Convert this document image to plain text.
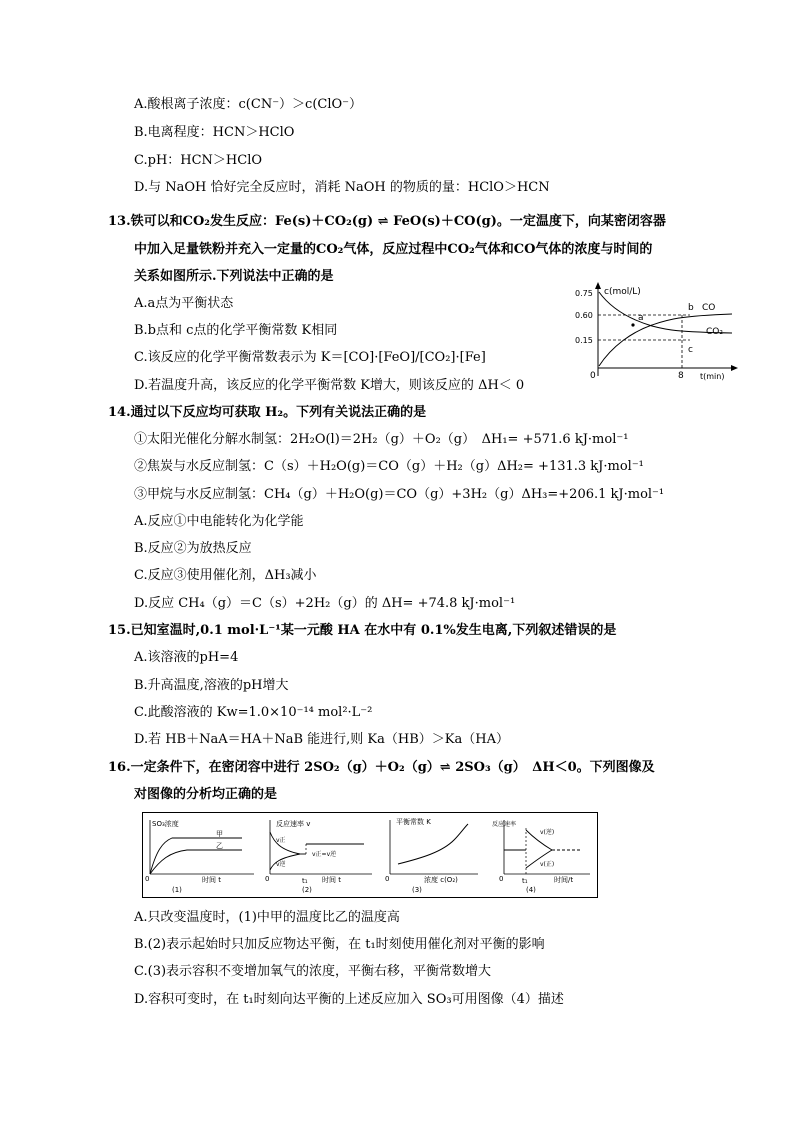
A.酸根离子浓度：c(CN⁻）＞c(ClO⁻）
B.电离程度：HCN＞HClO
C.pH：HCN＞HClO
D.与 NaOH 恰好完全反应时，消耗 NaOH 的物质的量：HClO＞HCN
13.铁可以和CO₂发生反应：Fe(s)＋CO₂(g) ⇌ FeO(s)＋CO(g)。一定温度下，向某密闭容器
中加入足量铁粉并充入一定量的CO₂气体，反应过程中CO₂气体和CO气体的浓度与时间的
关系如图所示.下列说法中正确的是
A.a点为平衡状态
B.b点和 c点的化学平衡常数 K相同
C.该反应的化学平衡常数表示为 K＝[CO]·[FeO]/[CO₂]·[Fe]
D.若温度升高，该反应的化学平衡常数 K增大，则该反应的 ΔH＜ 0
c(mol/L)
0.75
0.60
0.15
0	8 t(min)
a
b
c
CO
CO₂
14.通过以下反应均可获取 H₂。下列有关说法正确的是
①太阳光催化分解水制氢：2H₂O(l)＝2H₂（g）＋O₂（g）　ΔH₁= +571.6 kJ·mol⁻¹
②焦炭与水反应制氢：C（s）＋H₂O(g)＝CO（g）＋H₂（g）ΔH₂= +131.3 kJ·mol⁻¹
③甲烷与水反应制氢：CH₄（g）＋H₂O(g)＝CO（g）+3H₂（g）ΔH₃=+206.1 kJ·mol⁻¹
A.反应①中电能转化为化学能
B.反应②为放热反应
C.反应③使用催化剂，ΔH₃减小
D.反应 CH₄（g）＝C（s）+2H₂（g）的 ΔH= +74.8 kJ·mol⁻¹
15.已知室温时,0.1 mol·L⁻¹某一元酸 HA 在水中有 0.1%发生电离,下列叙述错误的是
A.该溶液的pH=4
B.升高温度,溶液的pH增大
C.此酸溶液的 Kw=1.0×10⁻¹⁴ mol²·L⁻²
D.若 HB＋NaA＝HA＋NaB 能进行,则 Ka（HB）＞Ka（HA）
16.一定条件下，在密闭容中进行 2SO₂（g）＋O₂（g）⇌ 2SO₃（g）　ΔH＜0。下列图像及
对图像的分析均正确的是
SO₃浓度
甲
乙
0	时间 t
(1)
反应速率 v
v正
v逆
v正=v逆
t₁
0	时间 t
(2)
平衡常数 K
0	浓度 c(O₂)
(3)
反应速率
v(逆)
v(正)
t₁
0	时间/t
(4)
A.只改变温度时，(1)中甲的温度比乙的温度高
B.(2)表示起始时只加反应物达平衡，在 t₁时刻使用催化剂对平衡的影响
C.(3)表示容积不变增加氧气的浓度，平衡右移，平衡常数增大
D.容积可变时，在 t₁时刻向达平衡的上述反应加入 SO₃可用图像（4）描述
